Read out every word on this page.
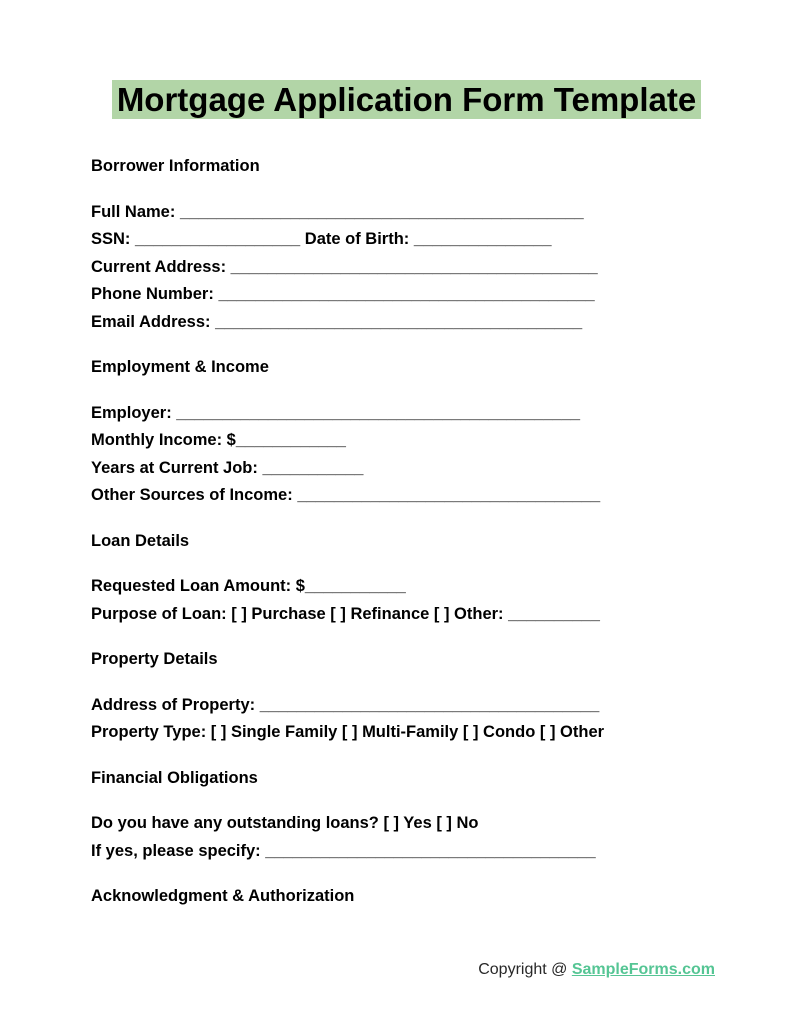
Mortgage Application Form Template

Borrower Information

Full Name: ____________________________________________

SSN: __________________ Date of Birth: _______________

Current Address: ________________________________________

Phone Number: _________________________________________

Email Address: ________________________________________

Employment & Income

Employer: ____________________________________________

Monthly Income: $____________

Years at Current Job: ___________

Other Sources of Income: _________________________________

Loan Details

Requested Loan Amount: $___________

Purpose of Loan: [ ] Purchase [ ] Refinance [ ] Other: __________

Property Details

Address of Property: _____________________________________

Property Type: [ ] Single Family [ ] Multi-Family [ ] Condo [ ] Other

Financial Obligations

Do you have any outstanding loans? [ ] Yes [ ] No

If yes, please specify: ____________________________________

Acknowledgment & Authorization

Copyright @ SampleForms.com
